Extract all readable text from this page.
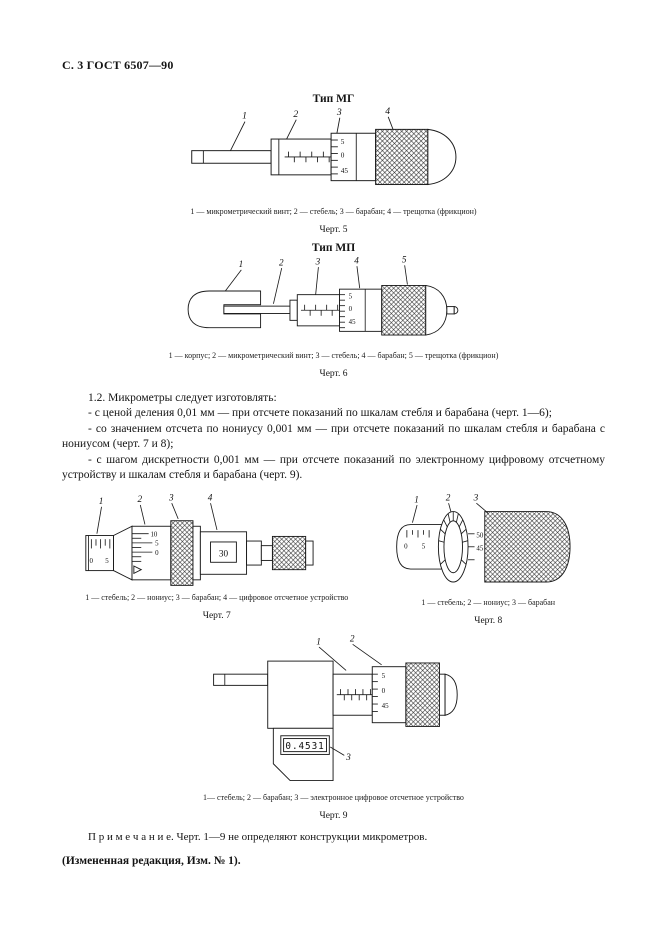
С. 3 ГОСТ 6507—90
Тип МГ
1	2	3	4
5
0
45
1 — микрометрический винт; 2 — стебель; 3 — барабан; 4 — трещотка (фрикцион)
Черт. 5
Тип МП
1	2	3	4	5
5
0
45
1 — корпус; 2 — микрометрический винт; 3 — стебель; 4 — барабан; 5 — трещотка (фрикцион)
Черт. 6

1.2. Микрометры следует изготовлять:

- с ценой деления 0,01 мм — при отсчете показаний по шкалам стебля и барабана (черт. 1—6);

- со значением отсчета по нониусу 0,001 мм — при отсчете показаний по шкалам стебля и барабана с нониусом (черт. 7 и 8);

- с шагом дискретности 0,001 мм — при отсчете показаний по электронному цифровому отсчетному устройству и шкалам стебля и барабана (черт. 9).

1	2	3	4
0 5
10
5
0	30
1 — стебель; 2 — нониус; 3 — барабан; 4 — цифровое отсчетное устройство
Черт. 7
1	2 3
0 5
50
45
1 — стебель; 2 — нониус; 3 — барабан
Черт. 8
1	2
5
0
45
0.4531
3
1— стебель; 2 — барабан; 3 — электронное цифровое отсчетное устройство
Черт. 9
П р и м е ч а н и е. Черт. 1—9 не определяют конструкции микрометров.
(Измененная редакция, Изм. № 1).
